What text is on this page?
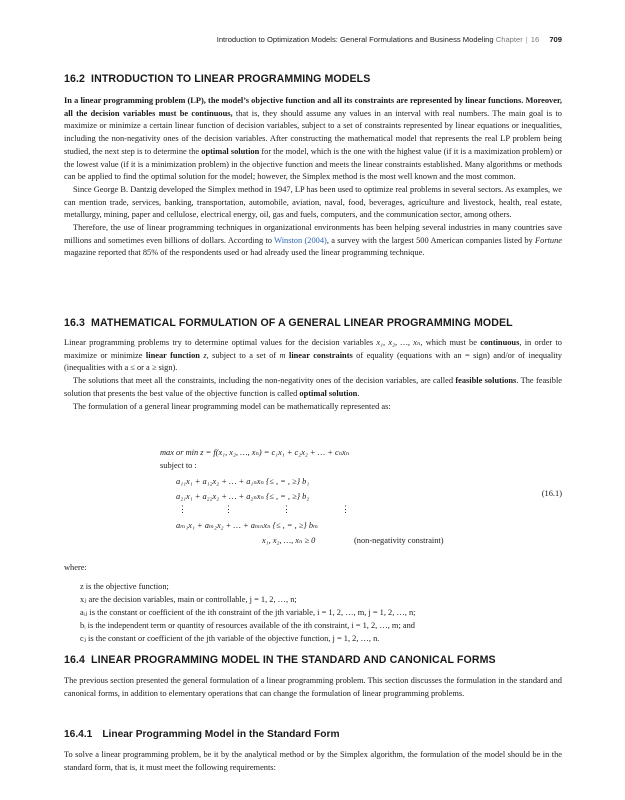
Introduction to Optimization Models: General Formulations and Business Modeling Chapter | 16 709
16.2 INTRODUCTION TO LINEAR PROGRAMMING MODELS

In a linear programming problem (LP), the model’s objective function and all its constraints are represented by linear functions. Moreover, all the decision variables must be continuous, that is, they should assume any values in an interval with real numbers. The main goal is to maximize or minimize a certain linear function of decision variables, subject to a set of constraints represented by linear equations or inequalities, including the non-negativity ones of the decision variables. After constructing the mathematical model that represents the real LP problem being studied, the next step is to determine the optimal solution for the model, which is the one with the highest value (if it is a maximization problem) or the lowest value (if it is a minimization problem) in the objective function and meets the linear constraints established. Many algorithms or methods can be applied to find the optimal solution for the model; however, the Simplex method is the most well known and the most common.

Since George B. Dantzig developed the Simplex method in 1947, LP has been used to optimize real problems in several sectors. As examples, we can mention trade, services, banking, transportation, automobile, aviation, naval, food, beverages, agriculture and livestock, health, real estate, metallurgy, mining, paper and cellulose, electrical energy, oil, gas and fuels, computers, and the communication sector, among others.

Therefore, the use of linear programming techniques in organizational environments has been helping several industries in many countries save millions and sometimes even billions of dollars. According to Winston (2004), a survey with the largest 500 American companies listed by Fortune magazine reported that 85% of the respondents used or had already used the linear programming technique.

16.3 MATHEMATICAL FORMULATION OF A GENERAL LINEAR PROGRAMMING MODEL

Linear programming problems try to determine optimal values for the decision variables x₁, x₂, …, xₙ, which must be continuous, in order to maximize or minimize linear function z, subject to a set of m linear constraints of equality (equations with an = sign) and/or of inequality (inequalities with a ≤ or a ≥ sign).

The solutions that meet all the constraints, including the non-negativity ones of the decision variables, are called feasible solutions. The feasible solution that presents the best value of the objective function is called optimal solution.

The formulation of a general linear programming model can be mathematically represented as:

max or min z = f(x₁, x₂, …, xₙ) = c₁x₁ + c₂x₂ + … + cₙxₙ
subject to :
a₁₁x₁ + a₁₂x₂ + … + a₁ₙxₙ {≤ , = , ≥} b₁
a₂₁x₁ + a₂₂x₂ + … + a₂ₙxₙ {≤ , = , ≥} b₂
⋮	⋮	⋮	⋮
aₘ₁x₁ + aₘ₂x₂ + … + aₘₙxₙ {≤ , = , ≥} bₘ
x₁, x₂, …, xₙ ≥ 0	(non-negativity constraint)
(16.1)
where:
z is the objective function;
xⱼ are the decision variables, main or controllable, j = 1, 2, …, n;
aᵢⱼ is the constant or coefficient of the ith constraint of the jth variable, i = 1, 2, …, m, j = 1, 2, …, n;
bᵢ is the independent term or quantity of resources available of the ith constraint, i = 1, 2, …, m; and
cⱼ is the constant or coefficient of the jth variable of the objective function, j = 1, 2, …, n.
16.4 LINEAR PROGRAMMING MODEL IN THE STANDARD AND CANONICAL FORMS

The previous section presented the general formulation of a linear programming problem. This section discusses the formulation in the standard and canonical forms, in addition to elementary operations that can change the formulation of linear programming problems.

16.4.1 Linear Programming Model in the Standard Form

To solve a linear programming problem, be it by the analytical method or by the Simplex algorithm, the formulation of the model should be in the standard form, that is, it must meet the following requirements:
